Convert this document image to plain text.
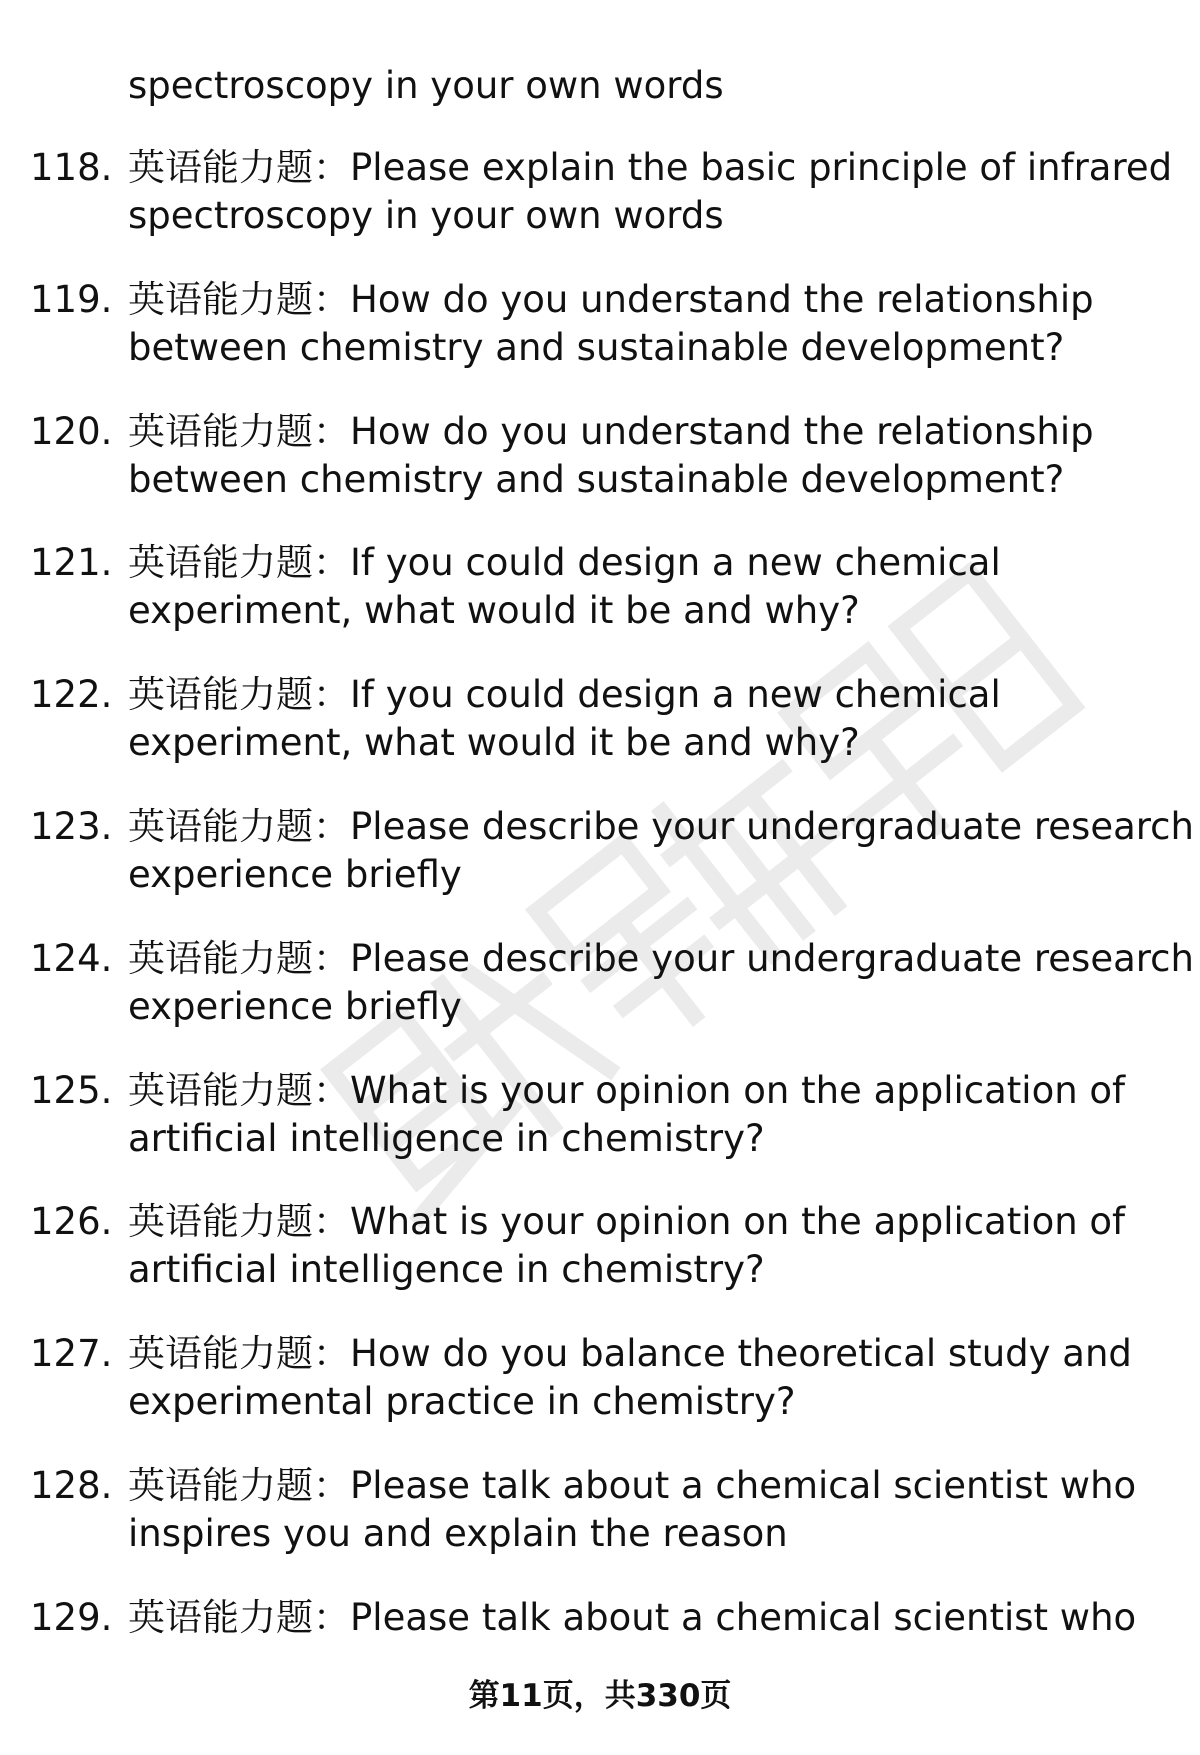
spectroscopy in your own words
118. 英语能力题：Please explain the basic principle of infrared
spectroscopy in your own words
119. 英语能力题：How do you understand the relationship
between chemistry and sustainable development?
120. 英语能力题：How do you understand the relationship
between chemistry and sustainable development?
121. 英语能力题：If you could design a new chemical
experiment, what would it be and why?
122. 英语能力题：If you could design a new chemical
experiment, what would it be and why?
123. 英语能力题：Please describe your undergraduate research
experience briefly
124. 英语能力题：Please describe your undergraduate research
experience briefly
125. 英语能力题：What is your opinion on the application of
artificial intelligence in chemistry?
126. 英语能力题：What is your opinion on the application of
artificial intelligence in chemistry?
127. 英语能力题：How do you balance theoretical study and
experimental practice in chemistry?
128. 英语能力题：Please talk about a chemical scientist who
inspires you and explain the reason
129. 英语能力题：Please talk about a chemical scientist who
第11页，共330页
